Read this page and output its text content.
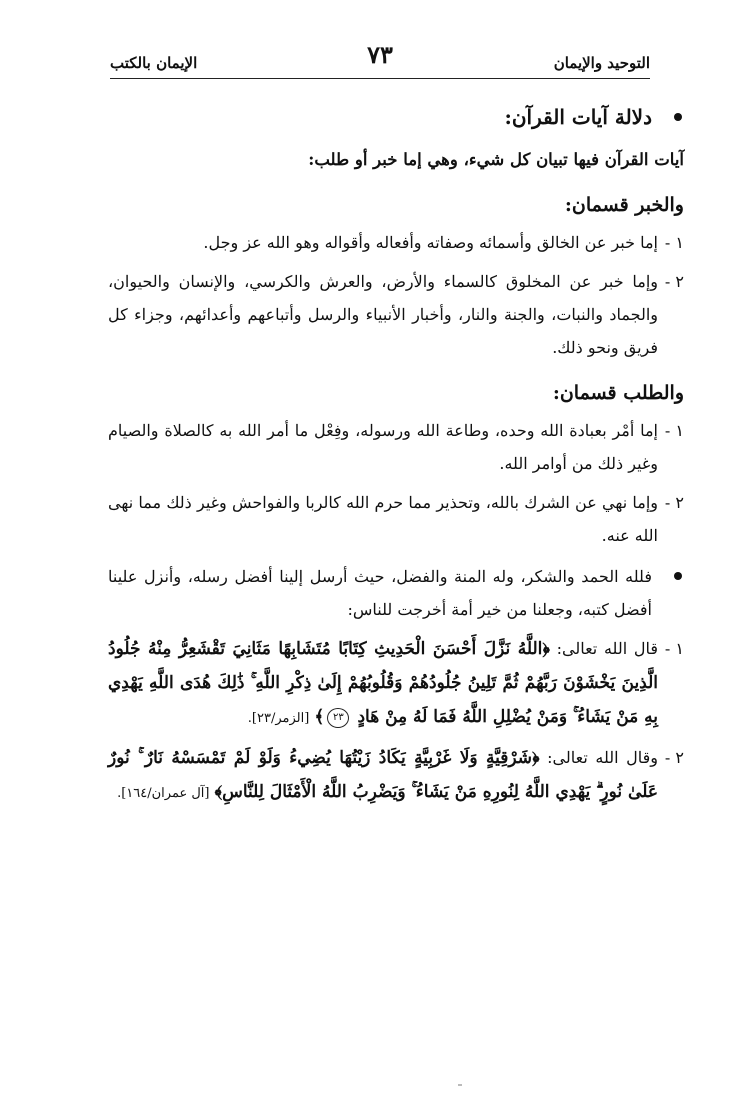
التوحيد والإيمان
٧٣
الإيمان بالكتب
دلالة آيات القرآن:
آيات القرآن فيها تبيان كل شيء، وهي إما خبر أو طلب:
والخبر قسمان:
١ -
إما خبر عن الخالق وأسمائه وصفاته وأفعاله وأقواله وهو الله عز وجل.
٢ -
وإما خبر عن المخلوق كالسماء والأرض، والعرش والكرسي، والإنسان والحيوان، والجماد والنبات، والجنة والنار، وأخبار الأنبياء والرسل وأتباعهم وأعدائهم، وجزاء كل فريق ونحو ذلك.
والطلب قسمان:
١ -
إما أمْر بعبادة الله وحده، وطاعة الله ورسوله، وفِعْل ما أمر الله به كالصلاة والصيام وغير ذلك من أوامر الله.
٢ -
وإما نهي عن الشرك بالله، وتحذير مما حرم الله كالربا والفواحش وغير ذلك مما نهى الله عنه.
فلله الحمد والشكر، وله المنة والفضل، حيث أرسل إلينا أفضل رسله، وأنزل علينا أفضل كتبه، وجعلنا من خير أمة أخرجت للناس:
١ -
قال الله تعالى: ﴿اللَّهُ نَزَّلَ أَحْسَنَ الْحَدِيثِ كِتَابًا مُتَشَابِهًا مَثَانِيَ تَقْشَعِرُّ مِنْهُ جُلُودُ الَّذِينَ يَخْشَوْنَ رَبَّهُمْ ثُمَّ تَلِينُ جُلُودُهُمْ وَقُلُوبُهُمْ إِلَىٰ ذِكْرِ اللَّهِ ۚ ذَٰلِكَ هُدَى اللَّهِ يَهْدِي بِهِ مَنْ يَشَاءُ ۚ وَمَنْ يُضْلِلِ اللَّهُ فَمَا لَهُ مِنْ هَادٍ ٢٣﴾ [الزمر/٢٣].
٢ -
وقال الله تعالى: ﴿شَرْقِيَّةٍ وَلَا غَرْبِيَّةٍ يَكَادُ زَيْتُهَا يُضِيءُ وَلَوْ لَمْ تَمْسَسْهُ نَارٌ ۚ نُورٌ عَلَىٰ نُورٍ ۗ يَهْدِي اللَّهُ لِنُورِهِ مَنْ يَشَاءُ ۚ وَيَضْرِبُ اللَّهُ الْأَمْثَالَ لِلنَّاسِ﴾ [آل عمران/١٦٤].
